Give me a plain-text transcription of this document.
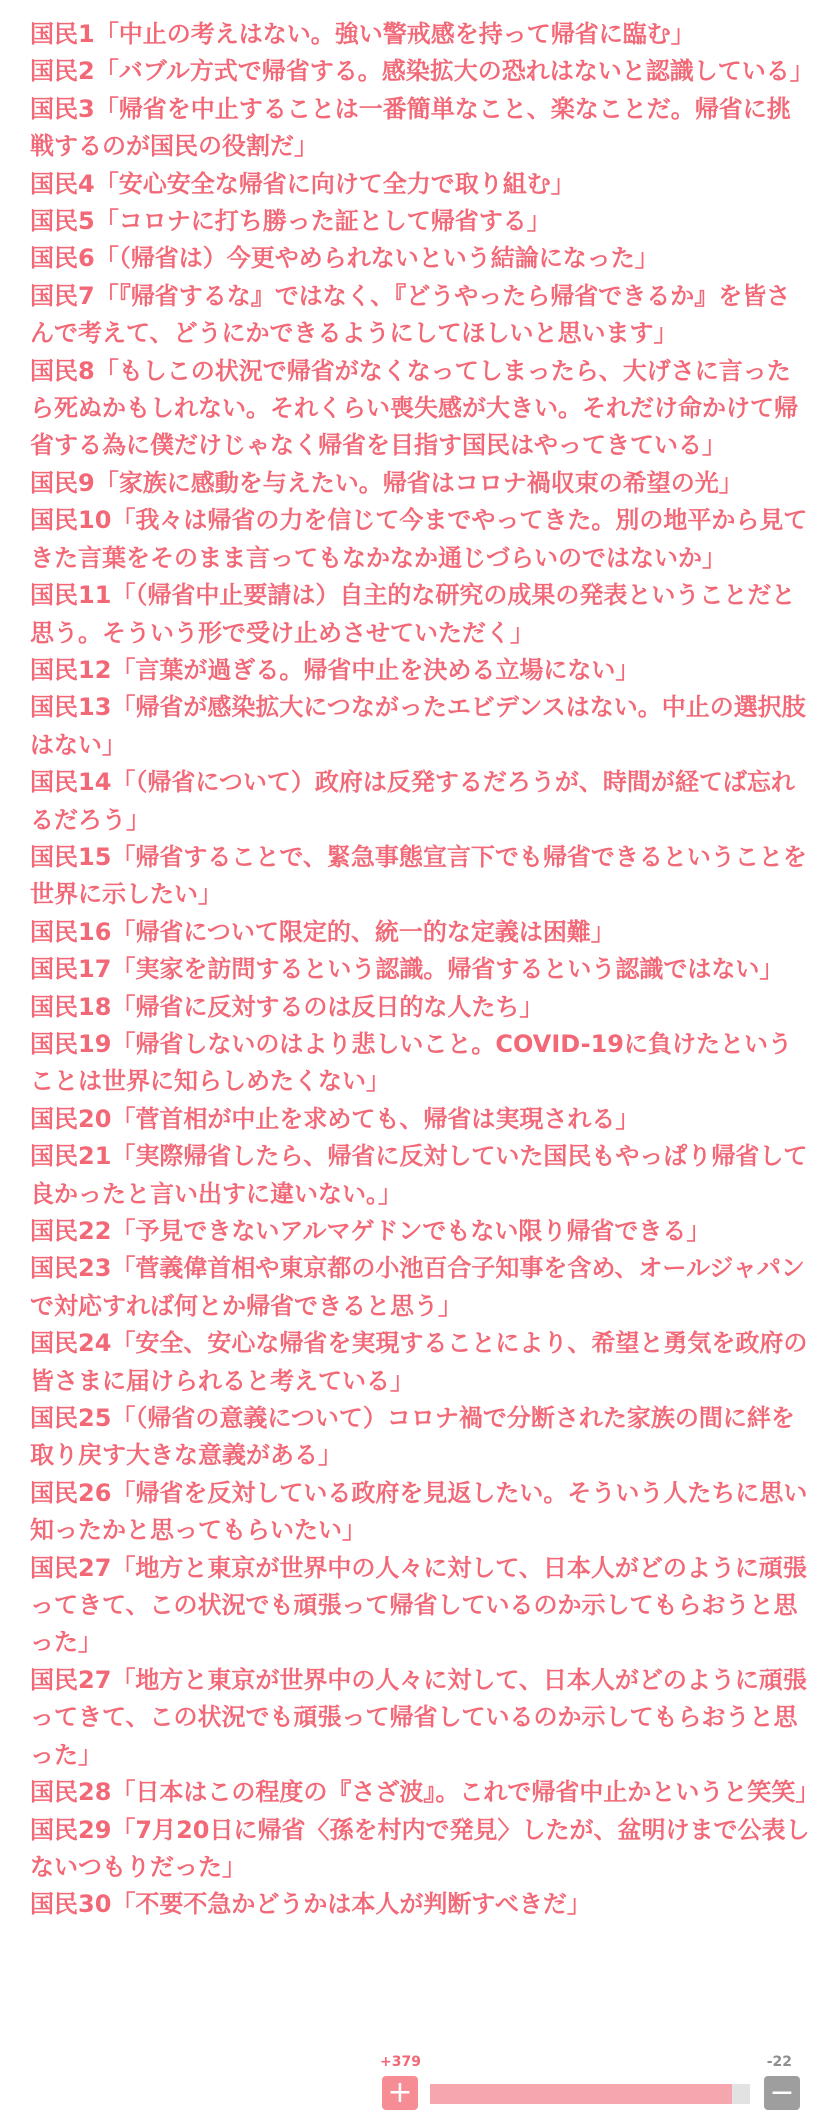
国民1「中止の考えはない。強い警戒感を持って帰省に臨む」
国民2「バブル方式で帰省する。感染拡大の恐れはないと認識している」
国民3「帰省を中止することは一番簡単なこと、楽なことだ。帰省に挑戦するのが国民の役割だ」
国民4「安心安全な帰省に向けて全力で取り組む」
国民5「コロナに打ち勝った証として帰省する」
国民6「（帰省は）今更やめられないという結論になった」
国民7「『帰省するな』ではなく、『どうやったら帰省できるか』を皆さんで考えて、どうにかできるようにしてほしいと思います」
国民8「もしこの状況で帰省がなくなってしまったら、大げさに言ったら死ぬかもしれない。それくらい喪失感が大きい。それだけ命かけて帰省する為に僕だけじゃなく帰省を目指す国民はやってきている」
国民9「家族に感動を与えたい。帰省はコロナ禍収束の希望の光」
国民10「我々は帰省の力を信じて今までやってきた。別の地平から見てきた言葉をそのまま言ってもなかなか通じづらいのではないか」
国民11「（帰省中止要請は）自主的な研究の成果の発表ということだと思う。そういう形で受け止めさせていただく」
国民12「言葉が過ぎる。帰省中止を決める立場にない」
国民13「帰省が感染拡大につながったエビデンスはない。中止の選択肢はない」
国民14「（帰省について）政府は反発するだろうが、時間が経てば忘れるだろう」
国民15「帰省することで、緊急事態宣言下でも帰省できるということを世界に示したい」
国民16「帰省について限定的、統一的な定義は困難」
国民17「実家を訪問するという認識。帰省するという認識ではない」
国民18「帰省に反対するのは反日的な人たち」
国民19「帰省しないのはより悲しいこと。COVID-19に負けたということは世界に知らしめたくない」
国民20「菅首相が中止を求めても、帰省は実現される」
国民21「実際帰省したら、帰省に反対していた国民もやっぱり帰省して良かったと言い出すに違いない。」
国民22「予見できないアルマゲドンでもない限り帰省できる」
国民23「菅義偉首相や東京都の小池百合子知事を含め、オールジャパンで対応すれば何とか帰省できると思う」
国民24「安全、安心な帰省を実現することにより、希望と勇気を政府の皆さまに届けられると考えている」
国民25「（帰省の意義について）コロナ禍で分断された家族の間に絆を取り戻す大きな意義がある」
国民26「帰省を反対している政府を見返したい。そういう人たちに思い知ったかと思ってもらいたい」
国民27「地方と東京が世界中の人々に対して、日本人がどのように頑張ってきて、この状況でも頑張って帰省しているのか示してもらおうと思った」
国民27「地方と東京が世界中の人々に対して、日本人がどのように頑張ってきて、この状況でも頑張って帰省しているのか示してもらおうと思った」
国民28「日本はこの程度の『さざ波』。これで帰省中止かというと笑笑」
国民29「7月20日に帰省〈孫を村内で発見〉したが、盆明けまで公表しないつもりだった」
国民30「不要不急かどうかは本人が判断すべきだ」
+379	-22
+	−
